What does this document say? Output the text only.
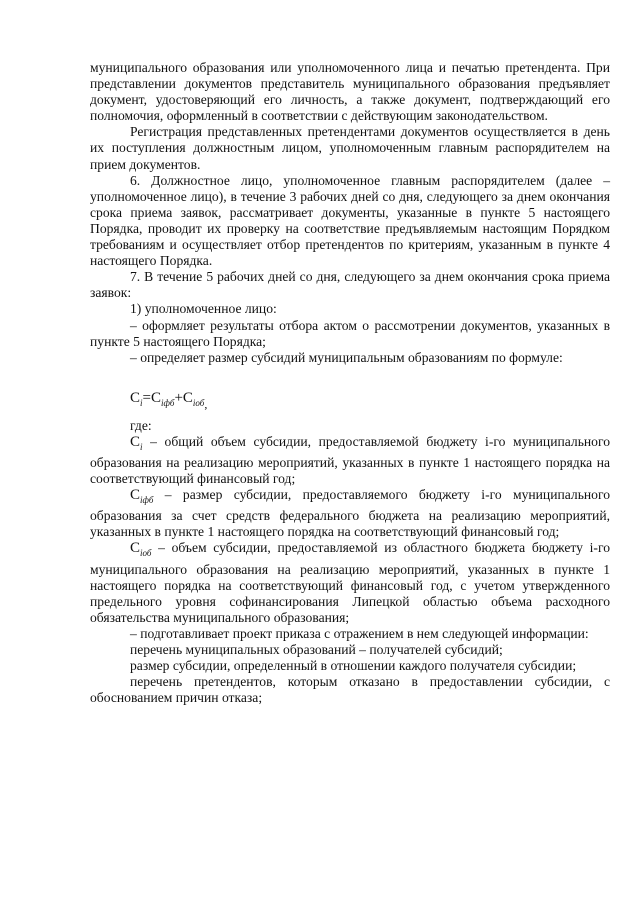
муниципального образования или уполномоченного лица и печатью претендента. При представлении документов представитель муниципального образования предъявляет документ, удостоверяющий его личность, а также документ, подтверждающий его полномочия, оформленный в соответствии с действующим законодательством.

Регистрация представленных претендентами документов осуществляется в день их поступления должностным лицом, уполномоченным главным распорядителем на прием документов.

6. Должностное лицо, уполномоченное главным распорядителем (далее – уполномоченное лицо), в течение 3 рабочих дней со дня, следующего за днем окончания срока приема заявок, рассматривает документы, указанные в пункте 5 настоящего Порядка, проводит их проверку на соответствие предъявляемым настоящим Порядком требованиям и осуществляет отбор претендентов по критериям, указанным в пункте 4 настоящего Порядка.

7. В течение 5 рабочих дней со дня, следующего за днем окончания срока приема заявок:

1) уполномоченное лицо:

– оформляет результаты отбора актом о рассмотрении документов, указанных в пункте 5 настоящего Порядка;

– определяет размер субсидий муниципальным образованиям по формуле:

$C_i=C_{iфб}+C_{iоб,}$

где:

$C_i$ – общий объем субсидии, предоставляемой бюджету i-го муниципального образования на реализацию мероприятий, указанных в пункте 1 настоящего порядка на соответствующий финансовый год;

$C_{iфб}$ – размер субсидии, предоставляемого бюджету i-го муниципального образования за счет средств федерального бюджета на реализацию мероприятий, указанных в пункте 1 настоящего порядка на соответствующий финансовый год;

$C_{iоб}$ – объем субсидии, предоставляемой из областного бюджета бюджету i-го муниципального образования на реализацию мероприятий, указанных в пункте 1 настоящего порядка на соответствующий финансовый год, с учетом утвержденного предельного уровня софинансирования Липецкой областью объема расходного обязательства муниципального образования;

– подготавливает проект приказа с отражением в нем следующей информации:

перечень муниципальных образований – получателей субсидий;

размер субсидии, определенный в отношении каждого получателя субсидии;

перечень претендентов, которым отказано в предоставлении субсидии, с обоснованием причин отказа;
